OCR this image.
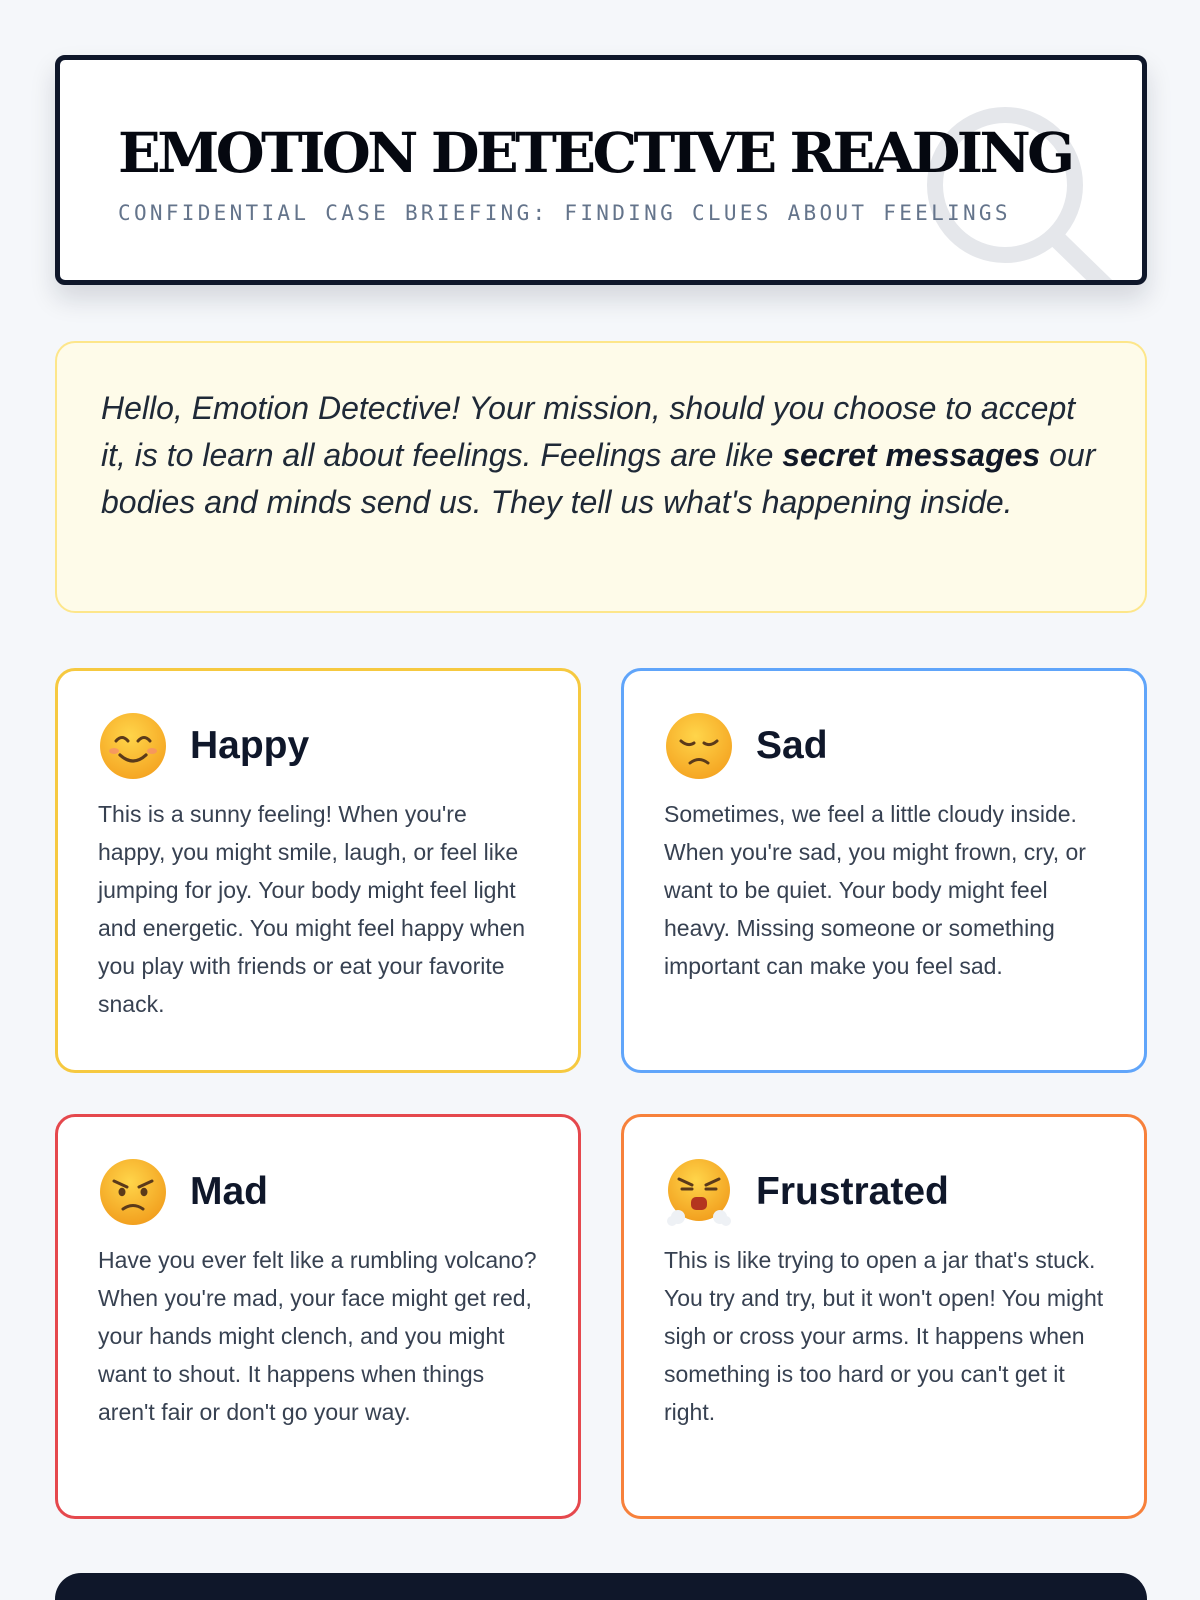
EMOTION DETECTIVE READING
CONFIDENTIAL CASE BRIEFING: FINDING CLUES ABOUT FEELINGS

Hello, Emotion Detective! Your mission, should you choose to accept it, is to learn all about feelings. Feelings are like secret messages our bodies and minds send us. They tell us what's happening inside.

Happy

This is a sunny feeling! When you're happy, you might smile, laugh, or feel like jumping for joy. Your body might feel light and energetic. You might feel happy when you play with friends or eat your favorite snack.

Sad

Sometimes, we feel a little cloudy inside. When you're sad, you might frown, cry, or want to be quiet. Your body might feel heavy. Missing someone or something important can make you feel sad.

Mad

Have you ever felt like a rumbling volcano? When you're mad, your face might get red, your hands might clench, and you might want to shout. It happens when things aren't fair or don't go your way.

Frustrated

This is like trying to open a jar that's stuck. You try and try, but it won't open! You might sigh or cross your arms. It happens when something is too hard or you can't get it right.
